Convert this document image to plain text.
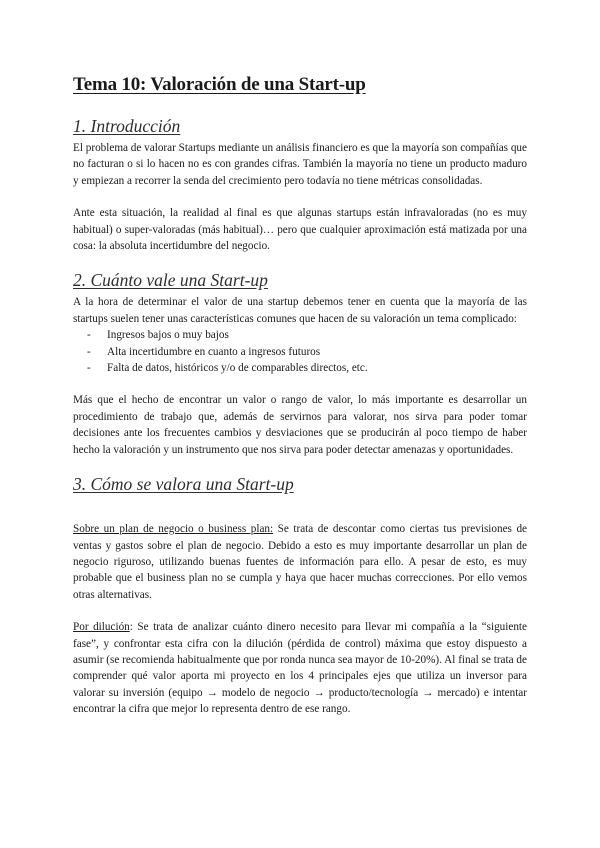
Tema 10: Valoración de una Start-up
1. Introducción

El problema de valorar Startups mediante un análisis financiero es que la mayoría son compañías que no facturan o si lo hacen no es con grandes cifras. También la mayoría no tiene un producto maduro y empiezan a recorrer la senda del crecimiento pero todavía no tiene métricas consolidadas.

Ante esta situación, la realidad al final es que algunas startups están infravaloradas (no es muy habitual) o super-valoradas (más habitual)… pero que cualquier aproximación está matizada por una cosa: la absoluta incertidumbre del negocio.

2. Cuánto vale una Start-up

A la hora de determinar el valor de una startup debemos tener en cuenta que la mayoría de las startups suelen tener unas características comunes que hacen de su valoración un tema complicado:

- Ingresos bajos o muy bajos
- Alta incertidumbre en cuanto a ingresos futuros
- Falta de datos, históricos y/o de comparables directos, etc.

Más que el hecho de encontrar un valor o rango de valor, lo más importante es desarrollar un procedimiento de trabajo que, además de servirnos para valorar, nos sirva para poder tomar decisiones ante los frecuentes cambios y desviaciones que se producirán al poco tiempo de haber hecho la valoración y un instrumento que nos sirva para poder detectar amenazas y oportunidades.

3. Cómo se valora una Start-up

Sobre un plan de negocio o business plan: Se trata de descontar como ciertas tus previsiones de ventas y gastos sobre el plan de negocio. Debido a esto es muy importante desarrollar un plan de negocio riguroso, utilizando buenas fuentes de información para ello. A pesar de esto, es muy probable que el business plan no se cumpla y haya que hacer muchas correcciones. Por ello vemos otras alternativas.

Por dilución: Se trata de analizar cuánto dinero necesito para llevar mi compañía a la “siguiente fase”, y confrontar esta cifra con la dilución (pérdida de control) máxima que estoy dispuesto a asumir (se recomienda habitualmente que por ronda nunca sea mayor de 10-20%). Al final se trata de comprender qué valor aporta mi proyecto en los 4 principales ejes que utiliza un inversor para valorar su inversión (equipo → modelo de negocio → producto/tecnología → mercado) e intentar encontrar la cifra que mejor lo representa dentro de ese rango.
